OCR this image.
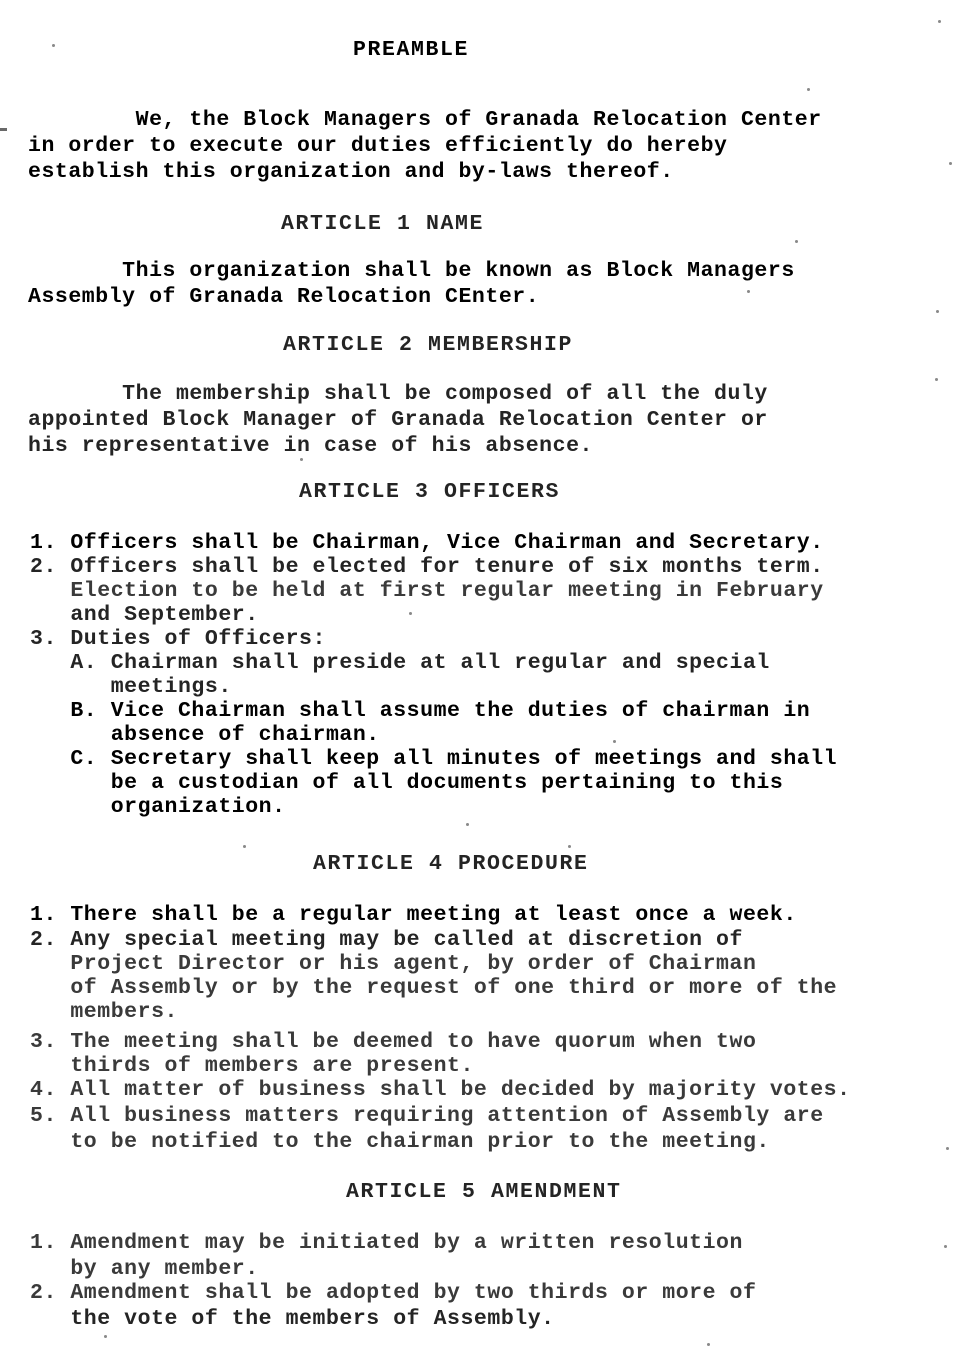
PREAMBLE
We, the Block Managers of Granada Relocation Center
in order to execute our duties efficiently do hereby
establish this organization and by-laws thereof.
ARTICLE 1 NAME
This organization shall be known as Block Managers
Assembly of Granada Relocation CEnter.
ARTICLE 2 MEMBERSHIP
The membership shall be composed of all the duly
appointed Block Manager of Granada Relocation Center or
his representative in case of his absence.
ARTICLE 3 OFFICERS
1. Officers shall be Chairman, Vice Chairman and Secretary.
2. Officers shall be elected for tenure of six months term.
Election to be held at first regular meeting in February
and September.
3. Duties of Officers:
A. Chairman shall preside at all regular and special
meetings.
B. Vice Chairman shall assume the duties of chairman in
absence of chairman.
C. Secretary shall keep all minutes of meetings and shall
be a custodian of all documents pertaining to this
organization.
ARTICLE 4 PROCEDURE
1. There shall be a regular meeting at least once a week.
2. Any special meeting may be called at discretion of
Project Director or his agent, by order of Chairman
of Assembly or by the request of one third or more of the
members.
3. The meeting shall be deemed to have quorum when two
thirds of members are present.
4. All matter of business shall be decided by majority votes.
5. All business matters requiring attention of Assembly are
to be notified to the chairman prior to the meeting.
ARTICLE 5 AMENDMENT
1. Amendment may be initiated by a written resolution
by any member.
2. Amendment shall be adopted by two thirds or more of
the vote of the members of Assembly.
